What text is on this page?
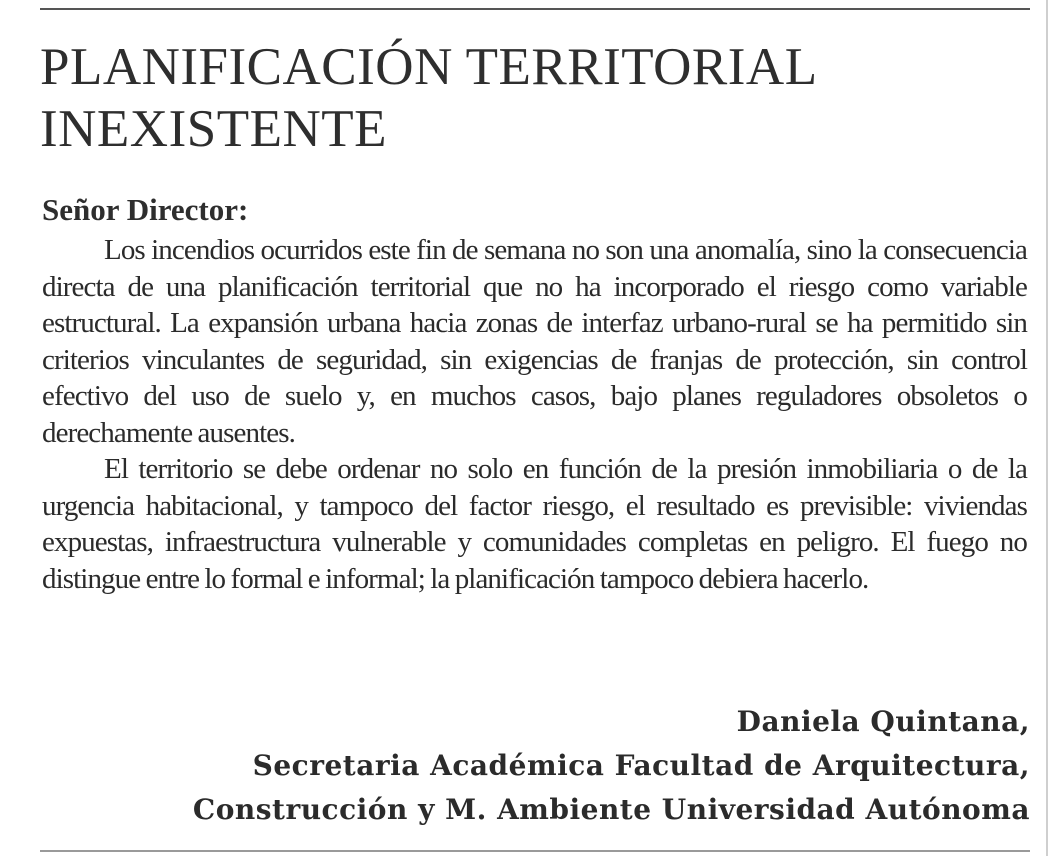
PLANIFICACIÓN TERRITORIAL
INEXISTENTE
Señor Director:

Los incendios ocurridos este fin de semana no son una anomalía, sino la consecuencia directa de una planificación territorial que no ha incorporado el riesgo como variable estructural. La expansión urbana hacia zonas de interfaz urbano-rural se ha permitido sin criterios vinculantes de seguridad, sin exigencias de franjas de protección, sin control efectivo del uso de suelo y, en muchos casos, bajo planes reguladores obsoletos o derechamente ausentes.

El territorio se debe ordenar no solo en función de la presión inmobiliaria o de la urgencia habitacional, y tampoco del factor riesgo, el resultado es previsible: viviendas expuestas, infraestructura vulnerable y comunidades completas en peligro. El fuego no distingue entre lo formal e informal; la planificación tampoco debiera hacerlo.

Daniela Quintana,
Secretaria Académica Facultad de Arquitectura,
Construcción y M. Ambiente Universidad Autónoma
